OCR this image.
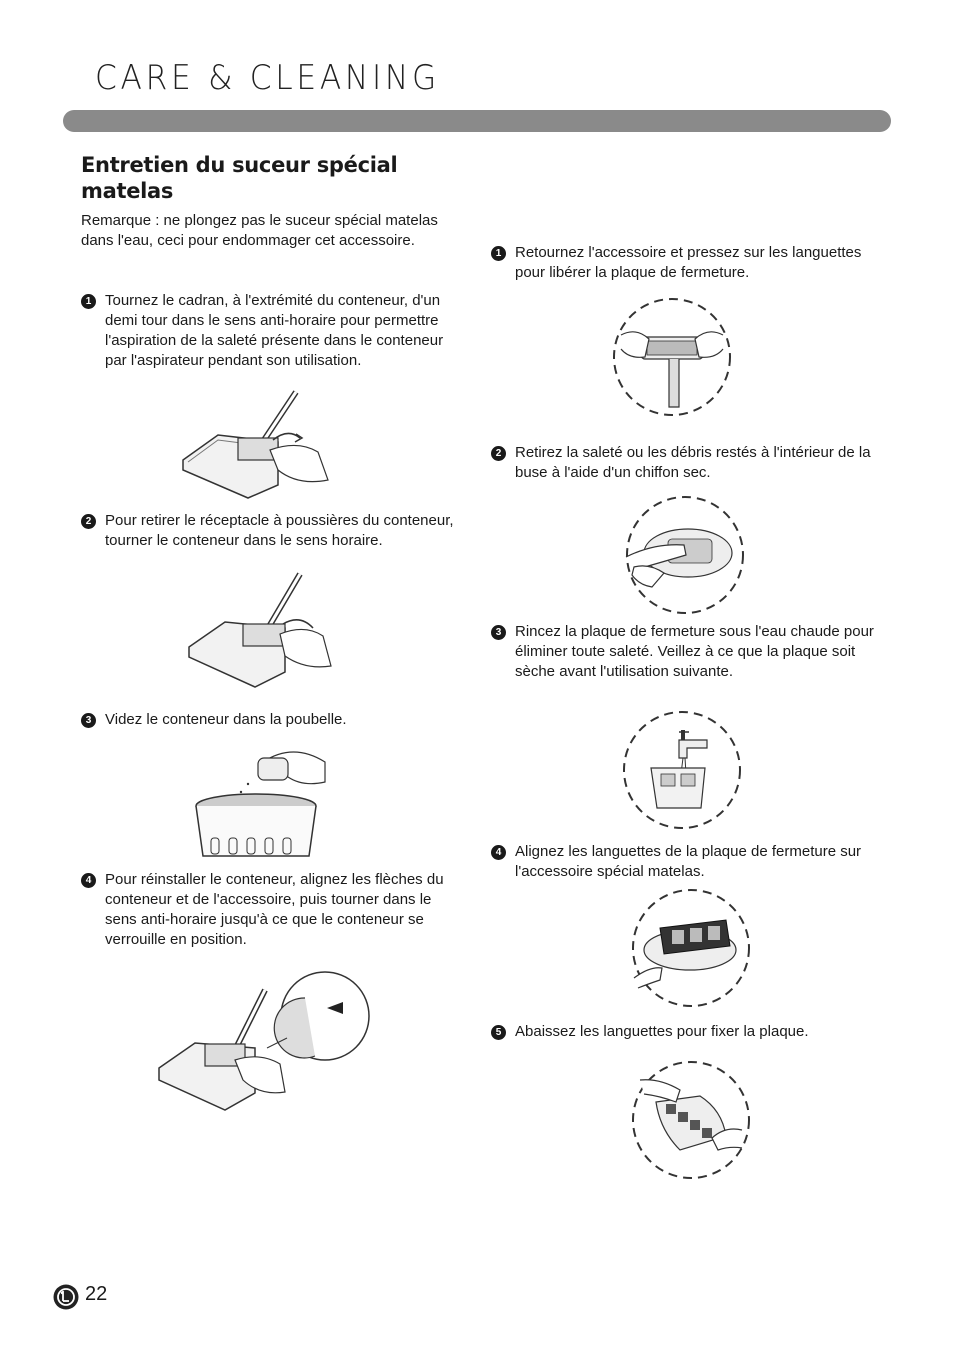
CARE & CLEANING
Entretien du suceur spécial matelas
Remarque : ne plongez pas le suceur spécial matelas dans l'eau, ceci pour endommager cet accessoire.
1 Tournez le cadran, à l'extrémité du conteneur, d'un demi tour dans le sens anti-horaire pour permettre l'aspiration de la saleté présente dans le conteneur par l'aspirateur pendant son utilisation.
2 Pour retirer le réceptacle à poussières du conteneur, tourner le conteneur dans le sens horaire.
3 Videz le conteneur dans la poubelle.
4 Pour réinstaller le conteneur, alignez les flèches du conteneur et de l'accessoire, puis tourner dans le sens anti-horaire jusqu'à ce que le conteneur se verrouille en position.
1 Retournez l'accessoire et pressez sur les languettes pour libérer la plaque de fermeture.
2 Retirez la saleté ou les débris restés à l'intérieur de la buse à l'aide d'un chiffon sec.
3 Rincez la plaque de fermeture sous l'eau chaude pour éliminer toute saleté. Veillez à ce que la plaque soit sèche avant l'utilisation suivante.
4 Alignez les languettes de la plaque de fermeture sur l'accessoire spécial matelas.
5 Abaissez les languettes pour fixer la plaque.
22
